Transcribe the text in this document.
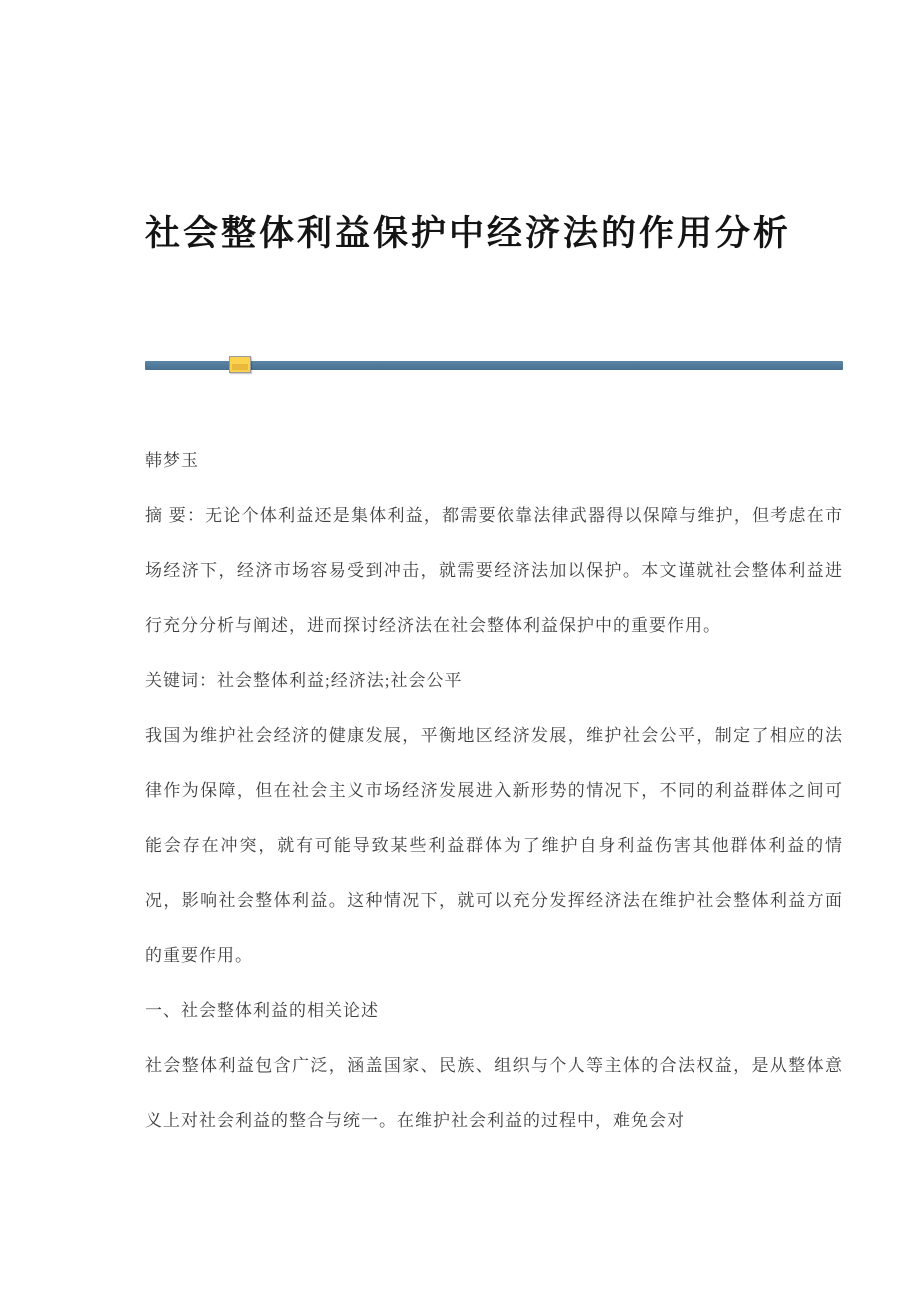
社会整体利益保护中经济法的作用分析

韩梦玉

摘 要：无论个体利益还是集体利益，都需要依靠法律武器得以保障与维护，但考虑在市场经济下，经济市场容易受到冲击，就需要经济法加以保护。本文谨就社会整体利益进行充分分析与阐述，进而探讨经济法在社会整体利益保护中的重要作用。

关键词：社会整体利益;经济法;社会公平

我国为维护社会经济的健康发展，平衡地区经济发展，维护社会公平，制定了相应的法律作为保障，但在社会主义市场经济发展进入新形势的情况下，不同的利益群体之间可能会存在冲突，就有可能导致某些利益群体为了维护自身利益伤害其他群体利益的情况，影响社会整体利益。这种情况下，就可以充分发挥经济法在维护社会整体利益方面的重要作用。

一、社会整体利益的相关论述

社会整体利益包含广泛，涵盖国家、民族、组织与个人等主体的合法权益，是从整体意义上对社会利益的整合与统一。在维护社会利益的过程中，难免会对
